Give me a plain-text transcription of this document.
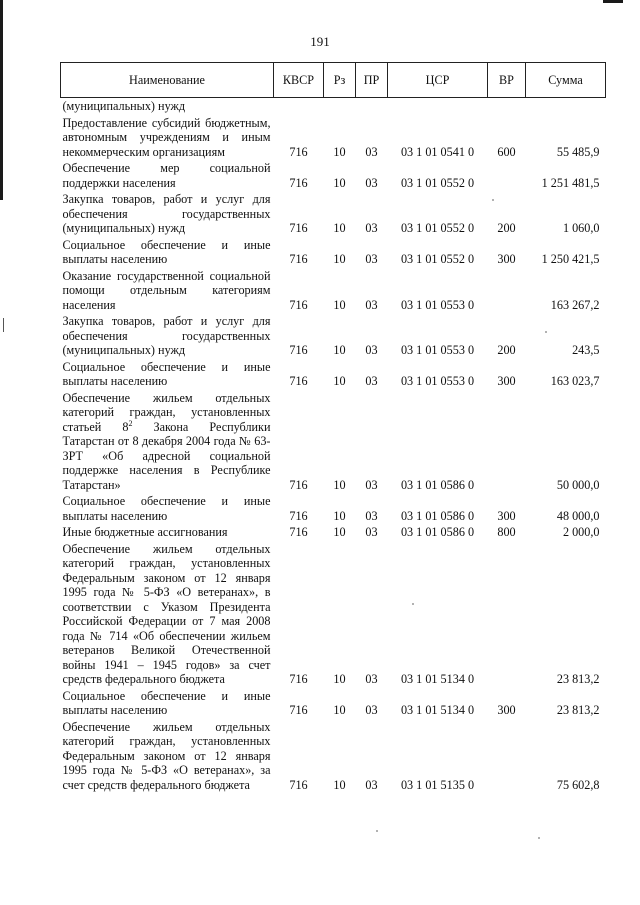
191
Наименование	КВСР	Рз	ПР	ЦСР	ВР	Сумма
(муниципальных) нужд						
Предоставление субсидий бюджетным, автономным учреждениям и иным некоммерческим организациям	716	10	03	03 1 01 0541 0	600	55 485,9
Обеспечение мер социальной поддержки населения	716	10	03	03 1 01 0552 0		1 251 481,5
Закупка товаров, работ и услуг для обеспечения государственных (муниципальных) нужд	716	10	03	03 1 01 0552 0	200	1 060,0
Социальное обеспечение и иные выплаты населению	716	10	03	03 1 01 0552 0	300	1 250 421,5
Оказание государственной социальной помощи отдельным категориям населения	716	10	03	03 1 01 0553 0		163 267,2
Закупка товаров, работ и услуг для обеспечения государственных (муниципальных) нужд	716	10	03	03 1 01 0553 0	200	243,5
Социальное обеспечение и иные выплаты населению	716	10	03	03 1 01 0553 0	300	163 023,7
Обеспечение жильем отдельных категорий граждан, установленных статьей $8^2$ Закона Республики Татарстан от 8 декабря 2004 года № 63-ЗРТ «Об адресной социальной поддержке населения в Республике Татарстан»	716	10	03	03 1 01 0586 0		50 000,0
Социальное обеспечение и иные выплаты населению	716	10	03	03 1 01 0586 0	300	48 000,0
Иные бюджетные ассигнования	716	10	03	03 1 01 0586 0	800	2 000,0
Обеспечение жильем отдельных категорий граждан, установленных Федеральным законом от 12 января 1995 года № 5-ФЗ «О ветеранах», в соответствии с Указом Президента Российской Федерации от 7 мая 2008 года № 714 «Об обеспечении жильем ветеранов Великой Отечественной войны 1941 – 1945 годов» за счет средств федерального бюджета	716	10	03	03 1 01 5134 0		23 813,2
Социальное обеспечение и иные выплаты населению	716	10	03	03 1 01 5134 0	300	23 813,2
Обеспечение жильем отдельных категорий граждан, установленных Федеральным законом от 12 января 1995 года № 5-ФЗ «О ветеранах», за счет средств федерального бюджета	716	10	03	03 1 01 5135 0		75 602,8
